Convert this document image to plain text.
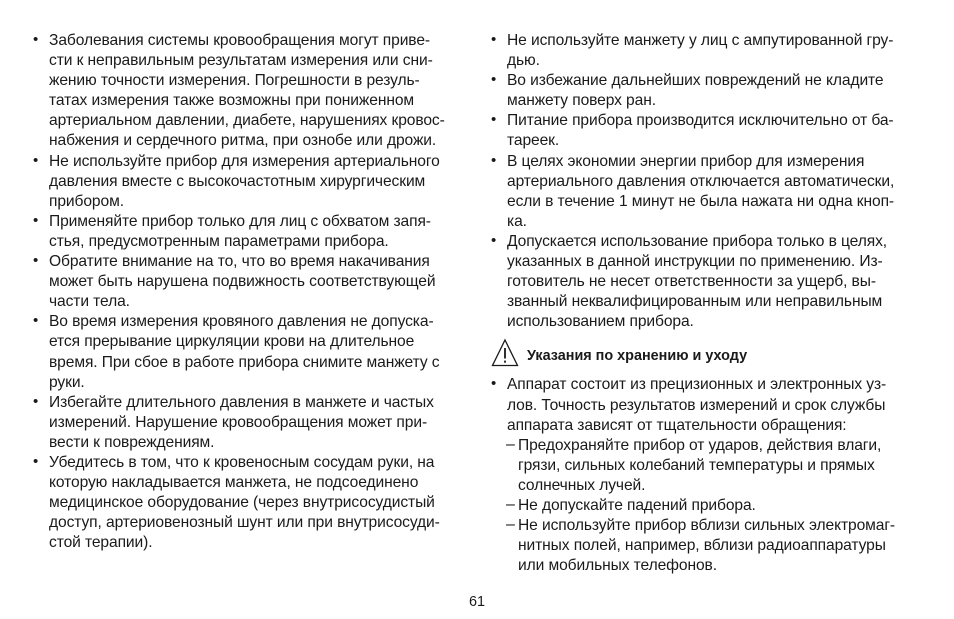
• Заболевания системы кровообращения могут приве-
сти к неправильным результатам измерения или сни-
жению точности измерения. Погрешности в резуль-
татах измерения также возможны при пониженном
артериальном давлении, диабете, нарушениях кровос-
набжения и сердечного ритма, при ознобе или дрожи.
• Не используйте прибор для измерения артериального
давления вместе с высокочастотным хирургическим
прибором.
• Применяйте прибор только для лиц с обхватом запя-
стья, предусмотренным параметрами прибора.
• Обратите внимание на то, что во время накачивания
может быть нарушена подвижность соответствующей
части тела.
• Во время измерения кровяного давления не допуска-
ется прерывание циркуляции крови на длительное
время. При сбое в работе прибора снимите манжету с
руки.
• Избегайте длительного давления в манжете и частых
измерений. Нарушение кровообращения может при-
вести к повреждениям.
• Убедитесь в том, что к кровеносным сосудам руки, на
которую накладывается манжета, не подсоединено
медицинское оборудование (через внутрисосудистый
доступ, артериовенозный шунт или при внутрисосуди-
стой терапии).
• Не используйте манжету у лиц с ампутированной гру-
дью.
• Во избежание дальнейших повреждений не кладите
манжету поверх ран.
• Питание прибора производится исключительно от ба-
тареек.
• В целях экономии энергии прибор для измерения
артериального давления отключается автоматически,
если в течение 1 минут не была нажата ни одна кноп-
ка.
• Допускается использование прибора только в целях,
указанных в данной инструкции по применению. Из-
готовитель не несет ответственности за ущерб, вы-
званный неквалифицированным или неправильным
использованием прибора.
Указания по хранению и уходу
• Аппарат состоит из прецизионных и электронных уз-
лов. Точность результатов измерений и срок службы
аппарата зависят от тщательности обращения:
– Предохраняйте прибор от ударов, действия влаги,
грязи, сильных колебаний температуры и прямых
солнечных лучей.
– Не допускайте падений прибора.
– Не используйте прибор вблизи сильных электромаг-
нитных полей, например, вблизи радиоаппаратуры
или мобильных телефонов.
61
